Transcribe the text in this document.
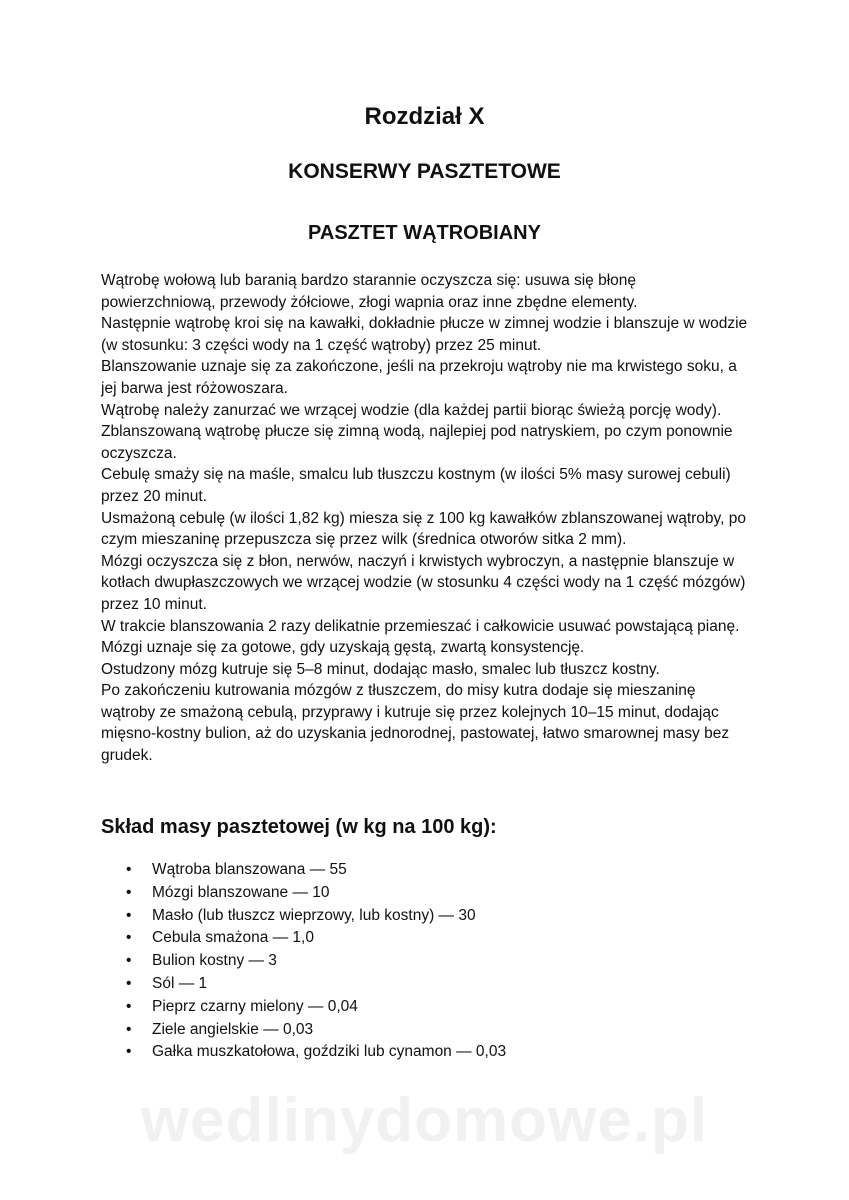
Rozdział X
KONSERWY PASZTETOWE
PASZTET WĄTROBIANY

Wątrobę wołową lub baranią bardzo starannie oczyszcza się: usuwa się błonę powierzchniową, przewody żółciowe, złogi wapnia oraz inne zbędne elementy.

Następnie wątrobę kroi się na kawałki, dokładnie płucze w zimnej wodzie i blanszuje w wodzie (w stosunku: 3 części wody na 1 część wątroby) przez 25 minut.

Blanszowanie uznaje się za zakończone, jeśli na przekroju wątroby nie ma krwistego soku, a jej barwa jest różowoszara.

Wątrobę należy zanurzać we wrzącej wodzie (dla każdej partii biorąc świeżą porcję wody).

Zblanszowaną wątrobę płucze się zimną wodą, najlepiej pod natryskiem, po czym ponownie oczyszcza.

Cebulę smaży się na maśle, smalcu lub tłuszczu kostnym (w ilości 5% masy surowej cebuli) przez 20 minut.

Usmażoną cebulę (w ilości 1,82 kg) miesza się z 100 kg kawałków zblanszowanej wątroby, po czym mieszaninę przepuszcza się przez wilk (średnica otworów sitka 2 mm).

Mózgi oczyszcza się z błon, nerwów, naczyń i krwistych wybroczyn, a następnie blanszuje w kotłach dwupłaszczowych we wrzącej wodzie (w stosunku 4 części wody na 1 część mózgów) przez 10 minut.

W trakcie blanszowania 2 razy delikatnie przemieszać i całkowicie usuwać powstającą pianę.

Mózgi uznaje się za gotowe, gdy uzyskają gęstą, zwartą konsystencję.

Ostudzony mózg kutruje się 5–8 minut, dodając masło, smalec lub tłuszcz kostny.

Po zakończeniu kutrowania mózgów z tłuszczem, do misy kutra dodaje się mieszaninę wątroby ze smażoną cebulą, przyprawy i kutruje się przez kolejnych 10–15 minut, dodając mięsno-kostny bulion, aż do uzyskania jednorodnej, pastowatej, łatwo smarownej masy bez grudek.

Skład masy pasztetowej (w kg na 100 kg):
• Wątroba blanszowana — 55
• Mózgi blanszowane — 10
• Masło (lub tłuszcz wieprzowy, lub kostny) — 30
• Cebula smażona — 1,0
• Bulion kostny — 3
• Sól — 1
• Pieprz czarny mielony — 0,04
• Ziele angielskie — 0,03
• Gałka muszkatołowa, goździki lub cynamon — 0,03
wedlinydomowe.pl
